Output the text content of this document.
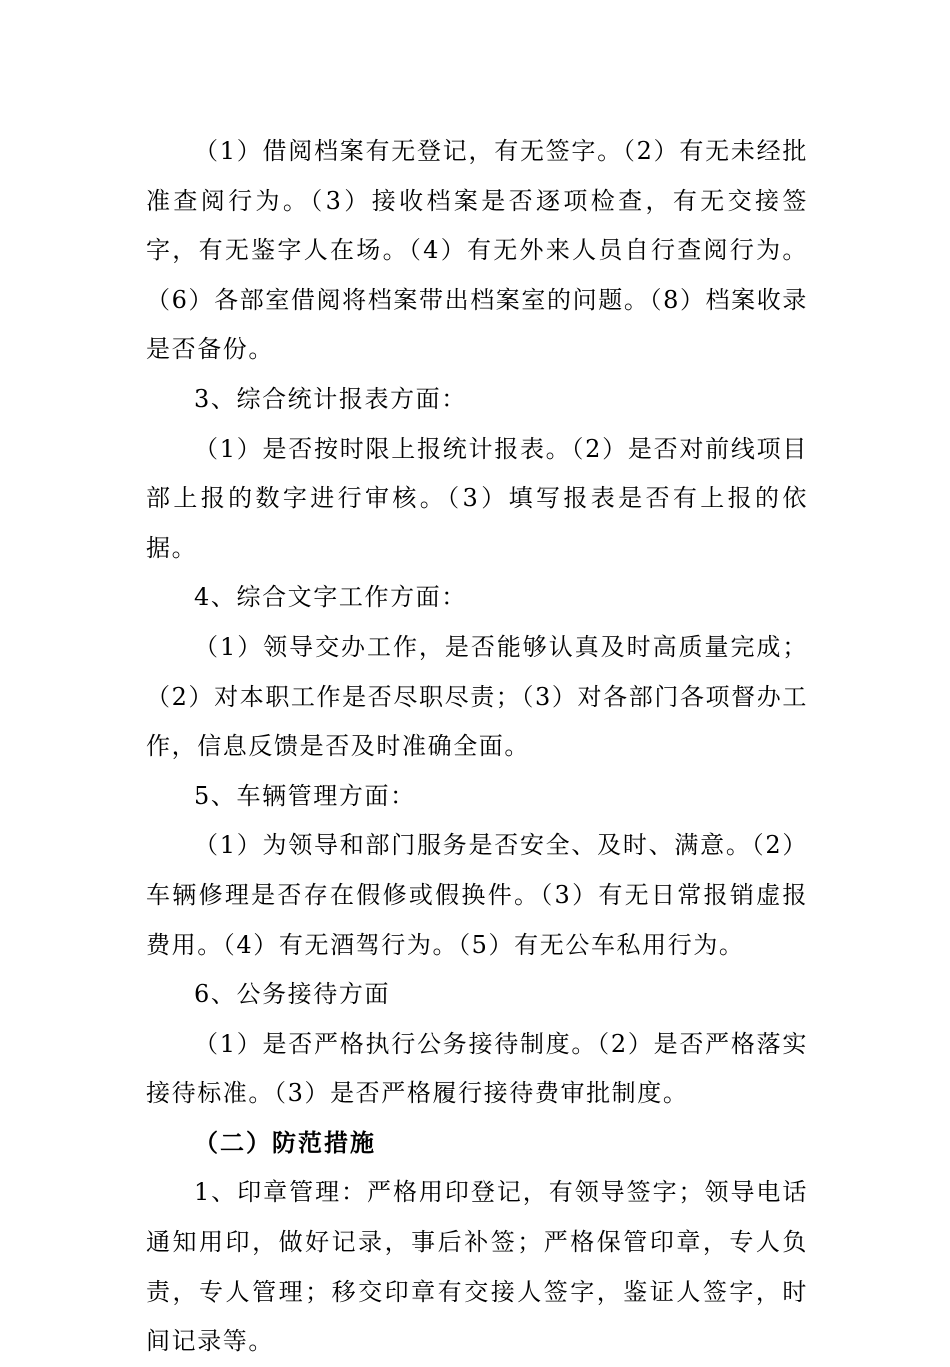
（1）借阅档案有无登记，有无签字。（2）有无未经批准查阅行为。（3）接收档案是否逐项检查，有无交接签字，有无鉴字人在场。（4）有无外来人员自行查阅行为。（6）各部室借阅将档案带出档案室的问题。（8）档案收录是否备份。

3、综合统计报表方面：

（1）是否按时限上报统计报表。（2）是否对前线项目部上报的数字进行审核。（3）填写报表是否有上报的依据。

4、综合文字工作方面：

（1）领导交办工作，是否能够认真及时高质量完成；（2）对本职工作是否尽职尽责；（3）对各部门各项督办工作，信息反馈是否及时准确全面。

5、车辆管理方面：

（1）为领导和部门服务是否安全、及时、满意。（2）车辆修理是否存在假修或假换件。（3）有无日常报销虚报费用。（4）有无酒驾行为。（5）有无公车私用行为。

6、公务接待方面

（1）是否严格执行公务接待制度。（2）是否严格落实接待标准。（3）是否严格履行接待费审批制度。

（二）防范措施

1、印章管理：严格用印登记，有领导签字；领导电话通知用印，做好记录，事后补签；严格保管印章，专人负责，专人管理；移交印章有交接人签字，鉴证人签字，时间记录等。
